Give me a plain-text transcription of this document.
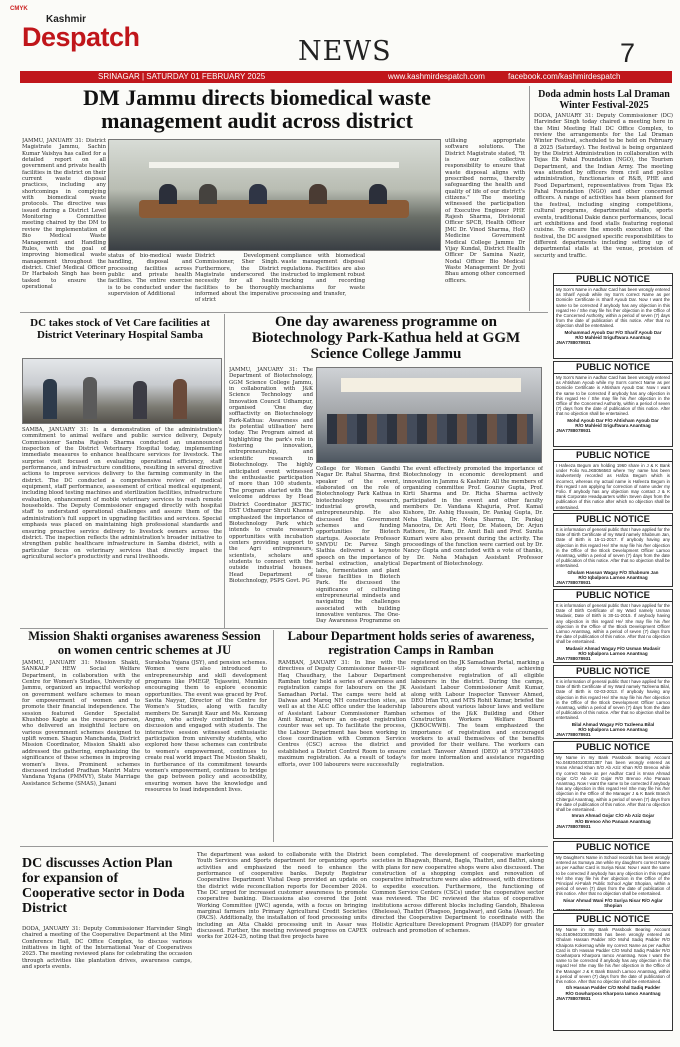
CMYK
Kashmir
Despatch	NEWS	7
SRINAGAR | SATURDAY 01 FEBRUARY 2025	www.kashmirdespatch.com	facebook.com/kashmirdespatch
DM Jammu directs biomedical waste management audit across district

JAMMU, JANUARY 31: District Magistrate Jammu, Sachin Kumar Vaishya has called for a detailed report on all government and private health facilities in the district on their current waste disposal practices, including any shortcomings in complying with biomedical waste protocols. The directive was issued during a District Level Monitoring Committee meeting chaired by the DM to review the implementation of Bio Medical Waste Management and Handling Rules, with the goal of improving biomedical waste management throughout the district. Chief Medical Officer Dr Harbaksh Singh has been tasked to ensure the operational

status of bio-medical waste handling, disposal and processing facilities across public and private health facilities. The entire exercise is to be conducted under the supervision of Additional

District Development Commissioner, Sher Singh. Furthermore, the District Magistrate underscored the necessity for all health facilities to be thoroughly informed about the imperative of strict

compliance with biomedical waste management disposal regulations. Facilities are also instructed to implement robust tracking and recording mechanisms for waste processing and transfer,

utilising appropriate software solutions. The District Magistrate stated, "It is our collective responsibility to ensure that waste disposal aligns with prescribed norms, thereby safeguarding the health and quality of life of our district's citizens." The meeting witnessed the participation of Executive Engineer PHE Rajesh Sharma, Divisional Officer SPCB, Health Officer JMC Dr. Vinod Sharma, HoD Medicine Government Medical College Jammu Dr Vijay Kundal, District Health Officer Dr Samina Nazir, Nodal Officer Bio Medical Waste Management Dr Jyoti Bhau among other concerned officers.

Doda admin hosts Lal Draman Winter Festival-2025

DODA, JANUARY 31: Deputy Commissioner (DC) Harvinder Singh today chaired a meeting here in the Mini Meeting Hall DC Office Complex, to review the arrangements for the Lal Draman Winter Festival, scheduled to be held on February 8 2025 (Saturday). The festival is being organized by the District Administration in collaboration with Tejas Ek Pahal Foundation (NGO), the Tourism Department, and the Indian Army. The meeting was attended by officers from civil and police administration, functionaries of R&B, PHE and Food Department, representatives from Tejas Ek Pahal Foundation (NGO) and other concerned officers. A range of activities has been planned for the festival, including singing competitions, cultural programs, departmental stalls, sports events, traditional Dakie dance performances, local art exhibitions and food stalls featuring regional cuisine. To ensure the smooth execution of the festival, the DC assigned specific responsibilities to different departments including setting up of departmental stalls at the venue, provision of security and traffic.

DC takes stock of Vet Care facilities at District Veterinary Hospital Samba

SAMBA, JANUARY 31: In a demonstration of the administration's commitment to animal welfare and public service delivery, Deputy Commissioner Samba Rajesh Sharma conducted an unannounced inspection of the District Veterinary Hospital today, implementing immediate measures to enhance healthcare services for livestock. The surprise visit focused on evaluating operational efficiency, staff performance, and infrastructure conditions, resulting in several directive actions to improve services delivery to the farming community in the district. The DC conducted a comprehensive review of medical equipment, staff performance, assessment of critical medical equipment, including blood testing machines and sterilization facilities, infrastructure evaluation, enhancement of mobile veterinary services to reach remote households. The Deputy Commissioner engaged directly with hospital staff to understand operational challenges and assure them of the administration's full support in upgrading facilities and services. Special emphasis was placed on maintaining high professional standards and ensuring proactive service delivery to livestock owners across the district. The inspection reflects the administration's broader initiative to strengthen public healthcare infrastructure in Samba district, with a particular focus on veterinary services that directly impact the agricultural sector's productivity and rural livelihoods.

One day awareness programme on Biotechnology Park-Kathua held at GGM Science College Jammu

JAMMU, JANUARY 31: The Department of Biotechnology, GGM Science College Jammu, in collaboration with J&K Science Technology and Innovation Council Udhampur, organised 'One day sofftactivity on Biotechnology Park-Kathua: Awareness and its potential utilisation' here today. The Program aimed at highlighting the park's role in fostering innovation, entrepreneurship, and scientific research in Biotechnology. The highly anticipated event witnessed the enthusiastic participation of more than 100 students. The program started with the welcome address by Head

District Coordinator JKSTIC-DST Udhampur Shruti Khanna emphasized the importance of Biotechnology Park which intends to create research opportunities with incubation centers providing support to the Agri entrepreneurs, scientists, scholars and students to connect with the outside industrial houses. Head Department of Biotechnology, PSPS Govt. PG

College for Women Gandhi Nagar Dr. Rahul Sharma, first speaker of the event, elaborated on the role of Biotechnology Park Kathua in biotechnology research, industrial growth, and entrepreneurship. He also discussed the Government schemes and funding opportunities for Biotech startups. Associate Professor SMVDU Dr. Parvez Singh Slathia delivered a keynote speech on the importance of herbal extraction, analytical labs, fermentation and plant tissue facilities in Biotech Park. He discussed the significance of cultivating entrepreneurial mindsets and navigating the challenges associated with building innovative ventures. The One-Day Awareness Programme on

The event effectively promoted the importance of Biotechnology in economic development and innovation in Jammu & Kashmir. All the members of organizing committee Prof. Gourav Gupta, Prof. Kirti Sharma and Dr. Richa Sharma actively participated in the event and other faculty members Dr. Vandana Khajuria, Prof. Kamal Kishore, Dr. Ashiq Hussain, Dr. Pankaj Gupta, Dr. Neha Slathia, Dr. Neha Sharma, Dr. Pankaj Manootra, Dr. Arti Heer, Dr. Mateen, Dr. Arjun Rathore, Dr. Ram, Dr. Amit Bali and Prof. Sunita Kumari were also present during the activity. The proceedings of the function were carried out by Dr. Nancy Gupta and concluded with a vote of thanks, by Dr. Neha Mahajan Assistant Professor Department of Biotechnology.

Mission Shakti organises awareness Session on women centric schemes at JU

JAMMU, JANUARY 31: Mission Shakti, SANKALP HEW Social Welfare Department, in collaboration with the Centre for Women's Studies, University of Jammu, organized an impactful workshop on government welfare schemes to mean for empowerment of women and to promote their financial independence. The session featured Gender Specialist Khushboo Kapte as the resource person, who delivered an insightful lecture on various government schemes designed to uplift women. Shagun Manchanda, District Mission Coordinator, Mission Shakti also addressed the gathering, emphasizing the significance of these schemes in improving women's lives. Prominent schemes discussed included Pradhan Mantri Matru Vandana Yojana (PMMVY), State Marriage Assistance Scheme (SMAS), Janani

Suraksha Yojana (JSY), and pension schemes. Women were also introduced to entrepreneurship and skill development programs like PMEGP, Tejaswini, Mumkin encouraging them to explore economic opportunities. The event was graced by Prof. Savita Nayyar, Director of the Centre for Women's Studies, along with faculty members Dr. Saranjit Kaur and Ms. Kunzang Angmo, who actively contributed to the discussion and engaged with students. The interactive session witnessed enthusiastic participation from university students, who explored how these schemes can contribute to women's empowerment, continues to create real world impact The Mission Shakti, in furtherance of its commitment towards women's empowerment, continues to bridge the gap between policy and accessibility, ensuring women have the knowledge and resources to lead independent lives.

Labour Department holds series of awareness, registration Camps in Ramban

RAMBAN, JANUARY 31: In line with the directives of Deputy Commissioner Baseer-Ul-Haq Chaudhary, the Labour Department Ramban today held a series of awareness and registration camps for labourers on the JK Samadhan Portal. The camps were held at Dalwas and Maroq NH construction sites, as well as at the ALC office under the leadership of Assistant Labour Commissioner Ramban Amit Kumar, where an on-spot registration counter was set up. To facilitate the process, the Labour Department has been working in close coordination with Common Service Centres (CSC) across the district and established a District Control Room to ensure maximum registration. As a result of today's efforts, over 100 labourers were successfully

registered on the JK Samadhan Portal, marking a significant step towards achieving comprehensive registration of all eligible labourers in the district. During the camps, Assistant Labour Commissioner Amit Kumar, along with Labour Inspector Tanveer Ahmed, DEO Irfan TO, and MTS Rohit Kumar, briefed the labourers about various labour laws and welfare schemes of the J&K Building and Other Construction Workers Welfare Board (JKBOCWWB). The team emphasized the importance of registration and encouraged workers to avail themselves of the benefits provided for their welfare. The workers can contact Tanveer Ahmed (DEO) at 9797354805 for more information and assistance regarding registration.

DC discusses Action Plan for expansion of Cooperative sector in Doda District

DODA, JANUARY 31: Deputy Commissioner Harvinder Singh chaired a meeting of the Cooperative Department at the Mini Conference Hall, DC Office Complex, to discuss various initiatives in light of the International Year of Cooperatives 2025. The meeting reviewed plans for celebrating the occasion through activities like plantation drives, awareness camps, and sports events.

The department was asked to collaborate with the District Youth Services and Sports department for organizing sports activities and emphasized the need to enhance the performance of cooperative banks. Deputy Registrar Cooperative Department Vishal Deep provided an update on the district wide reconciliation reports for December 2024. The DC urged for increased customer awareness to promote cooperative banking. Discussions also covered the Joint Working Committee (JWC) agenda, with a focus on bringing marginal farmers into Primary Agricultural Credit Societies (PACS). Additionally, the installation of food processing units including an Atta Chakki processing unit in Assar was discussed. Further, the meeting reviewed progress on CAPEX works for 2024-25, noting that five projects have

been completed. The development of cooperative marketing societies in Bhagwah, Bharat, Bagla, Thathri, and Bathri, along with plans for new cooperative shops were also discussed. The construction of a shopping complex and renovation of cooperative infrastructure were also addressed, with directions to expedite execution. Furthermore, the functioning of Common Service Centers (CSCs) under the cooperative sector was reviewed. The DC reviewed the status of cooperative institutions across different blocks including Gandoh, Bhalessa (Bhelessa), Thathri (Phagsoo, Jengalwar), and Goha (Assar). He directed the Cooperative Department to coordinate with the Holistic Agriculture Development Program (HADP) for greater outreach and promotion of schemes.

PUBLIC NOTICE
My Son's Name in Aadhar Card has been wrongly entered as Sharif Ayoub while my Son's correct Name as per Domicile Certificate is Sharif Ayoub Dar. Now I want the same to be corrected if anybody has any objection in this regard He / She may file his /her objection in the Office of the Concerned Authority, within a period of seven (7) days from the date of publication of this notice. After that no objection shall be entertained.
Mohammad Ayoub Dar F/O Sharif Ayoub Dar
R/O Mahleid Sriguftwara Anantnag
JNA7788078931
PUBLIC NOTICE
My Son's Name in Aadhar Card has been wrongly entered as Ahtisham Ayoub while my Son's correct Name as per Domicile Certificate is Ahtisham Ayoub Dar. Now I want the same to be corrected if anybody has any objection in this regard He / She may file his /her objection in the Office of the Concerned Authority, within a period of seven (7) days from the date of publication of this notice. After that no objection shall be entertained.
Mohd Ayoub Dar F/O Ahtisham Ayoub Dar
R/O Mahleid Sriguftwara Anantnag
JNA7788078931
PUBLIC NOTICE
I Hafeeza Begum am holding 1960 share in J & K Bank under Folio No.JKB056563 where 'my' name has been inadvertently recorded as Hafiza Begum which is incorrect, whereas my actual name is Hafeeza Begum in this regard I am applying for correction of name under my Folio. If anybody has any objection may contact J & K Bank Corporate Headquarters within Seven days from the publication of this notice after which no objection shall be entertained.
PUBLIC NOTICE
It is information of general public that I have applied for the Date of Birth Certificate of my Ward namely Shabnum Jan, Date of Birth is 15-11-2017. If anybody having any objection in this regard He/ She may file his /her objection in the Office of the Block Development Officer Larnoo Anantnag, within a period of seven (7) days from the date of publication of this notice. After that no objection shall be entertained.
Ghulam Hassan Wagay F/O Shabnum Jan
R/O Iqbalpora Larnoo Anantnag
JNA7788078931
PUBLIC NOTICE
It is information of general public that I have applied for the Date of Birth Certificate of my Ward namely Usman Mudasir, Date of Birth is 30-11-2015. If anybody having any objection in this regard He/ She may file his /her objection in the Office of the Block Development Officer Larnoo Anantnag, within a period of seven (7) days from the date of publication of this notice. After that no objection shall be entertained.
Mudasir Ahmad Wagay F/O Usman Mudasir
R/O Iqbalpora Larnoo Anantnag
JNA7788078931
PUBLIC NOTICE
It is information of general public that I have applied for the Date of Birth Certificate of my Ward namely Tazleena Bilal, Date of Birth is 02-03-2013. If anybody having any objection in this regard He/ She may file his /her objection in the Office of the Block Development Officer Larnoo Anantnag, within a period of seven (7) days from the date of publication of this notice. After that no objection shall be entertained.
Bilal Ahmad Wagay F/O Tazleena Bilal
R/O Iqbalpora Larnoo Anantnag
JNA7788078931
PUBLIC NOTICE
My Name in my Bank Passbook Bearing Account No.0482040100301387 has been wrongly entered as Imran Ahmad Khan S/O Ab Aziz Khan R/O Brenoo while my correct Name as per Aadhar Card is Imran Ahmad Gojar C/O Ab Aziz Gojar R/O Brenoo Aho Panaan Anantnag. Now I want the same to be corrected if anybody has any objection in this regard He/ She may file his /her objection in the Office of the Manager J & K Bank Branch Chitergul Anantnag, within a period of seven (7) days from the date of publication of this notice. After that no objection shall be entertained.
Imran Ahmad Gojar C/O Ab Aziz Gojar
R/O Brenoo Aho Panaan Anantnag
JNA7788078931
PUBLIC NOTICE
My Daughter's Name in School records has been wrongly entered as Sumaya Jan while my daughter's correct Name as per Aadhar Card is Suriya Nisar. Now I want the same to be corrected if anybody has any objection in this regard He/ She may file his /her objection in the Office of the Principal Al-Falah Public School Aglar Shopian, within a period of seven (7) days from the date of publication of this notice. After that no objection shall be entertained.
Nisar Ahmad Wani F/O Suriya Nisar R/O Aglar Shopian
JNA7788078931
PUBLIC NOTICE
My Name in my Bank Passbook Bearing Account No.0160940100309336 has been wrongly entered as Ghulam Hassan Padder S/O Mohd Sadiq Padder R/O Khaipora Kokernag while my correct Name as per Aadhar Card is Gh Hassan Padder C/O Mohd Sadiq Padder R/O Gowharpora Kharpora Iamco Anantnag. Now I want the same to be corrected if anybody has any objection in this regard He/ She may file his /her objection in the Office of the Manager J & K Bank Branch Larnoo Anantnag, within a period of seven (7) days from the date of publication of this notice. After that no objection shall be entertained.
Gh Hassan Padder C/O Mohd Sadiq Padder
R/O Gowharpora Kharpora Iamco Anantnag
JNA7788078931
